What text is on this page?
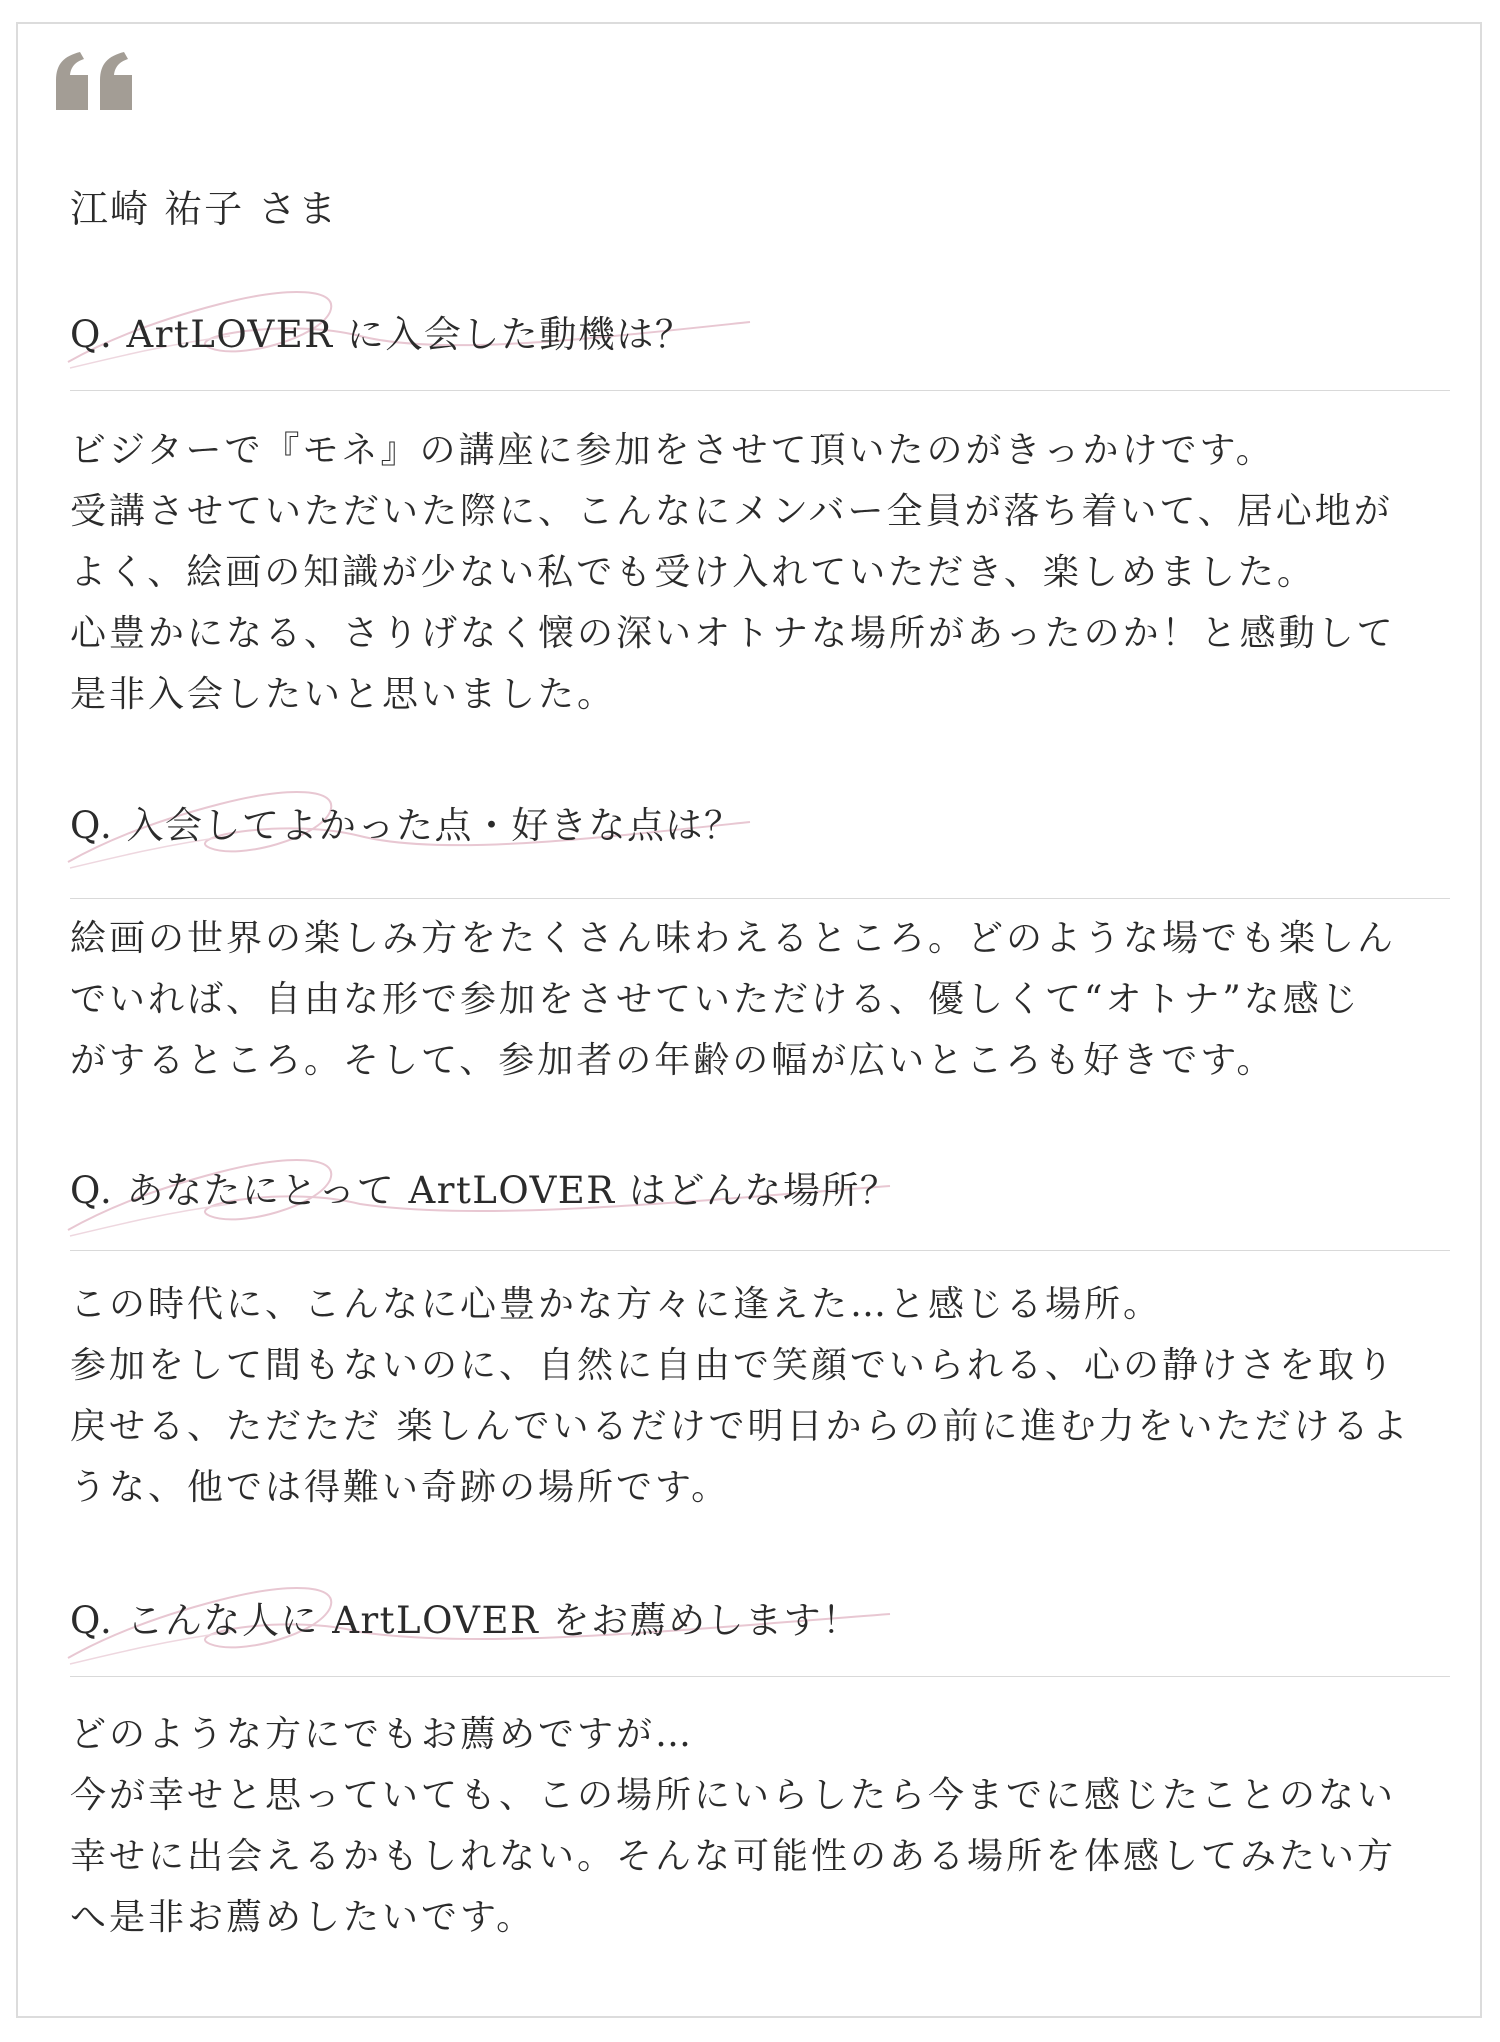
江崎 祐子 さま
Q. ArtLOVER に入会した動機は？
ビジターで『モネ』の講座に参加をさせて頂いたのがきっかけです。
受講させていただいた際に、こんなにメンバー全員が落ち着いて、居心地が
よく、絵画の知識が少ない私でも受け入れていただき、楽しめました。
心豊かになる、さりげなく懐の深いオトナな場所があったのか！と感動して
是非入会したいと思いました。
Q. 入会してよかった点・好きな点は？
絵画の世界の楽しみ方をたくさん味わえるところ。どのような場でも楽しん
でいれば、自由な形で参加をさせていただける、優しくて“オトナ”な感じ
がするところ。そして、参加者の年齢の幅が広いところも好きです。
Q. あなたにとって ArtLOVER はどんな場所？
この時代に、こんなに心豊かな方々に逢えた…と感じる場所。
参加をして間もないのに、自然に自由で笑顔でいられる、心の静けさを取り
戻せる、ただただ 楽しんでいるだけで明日からの前に進む力をいただけるよ
うな、他では得難い奇跡の場所です。
Q. こんな人に ArtLOVER をお薦めします！
どのような方にでもお薦めですが…
今が幸せと思っていても、この場所にいらしたら今までに感じたことのない
幸せに出会えるかもしれない。そんな可能性のある場所を体感してみたい方
へ是非お薦めしたいです。
